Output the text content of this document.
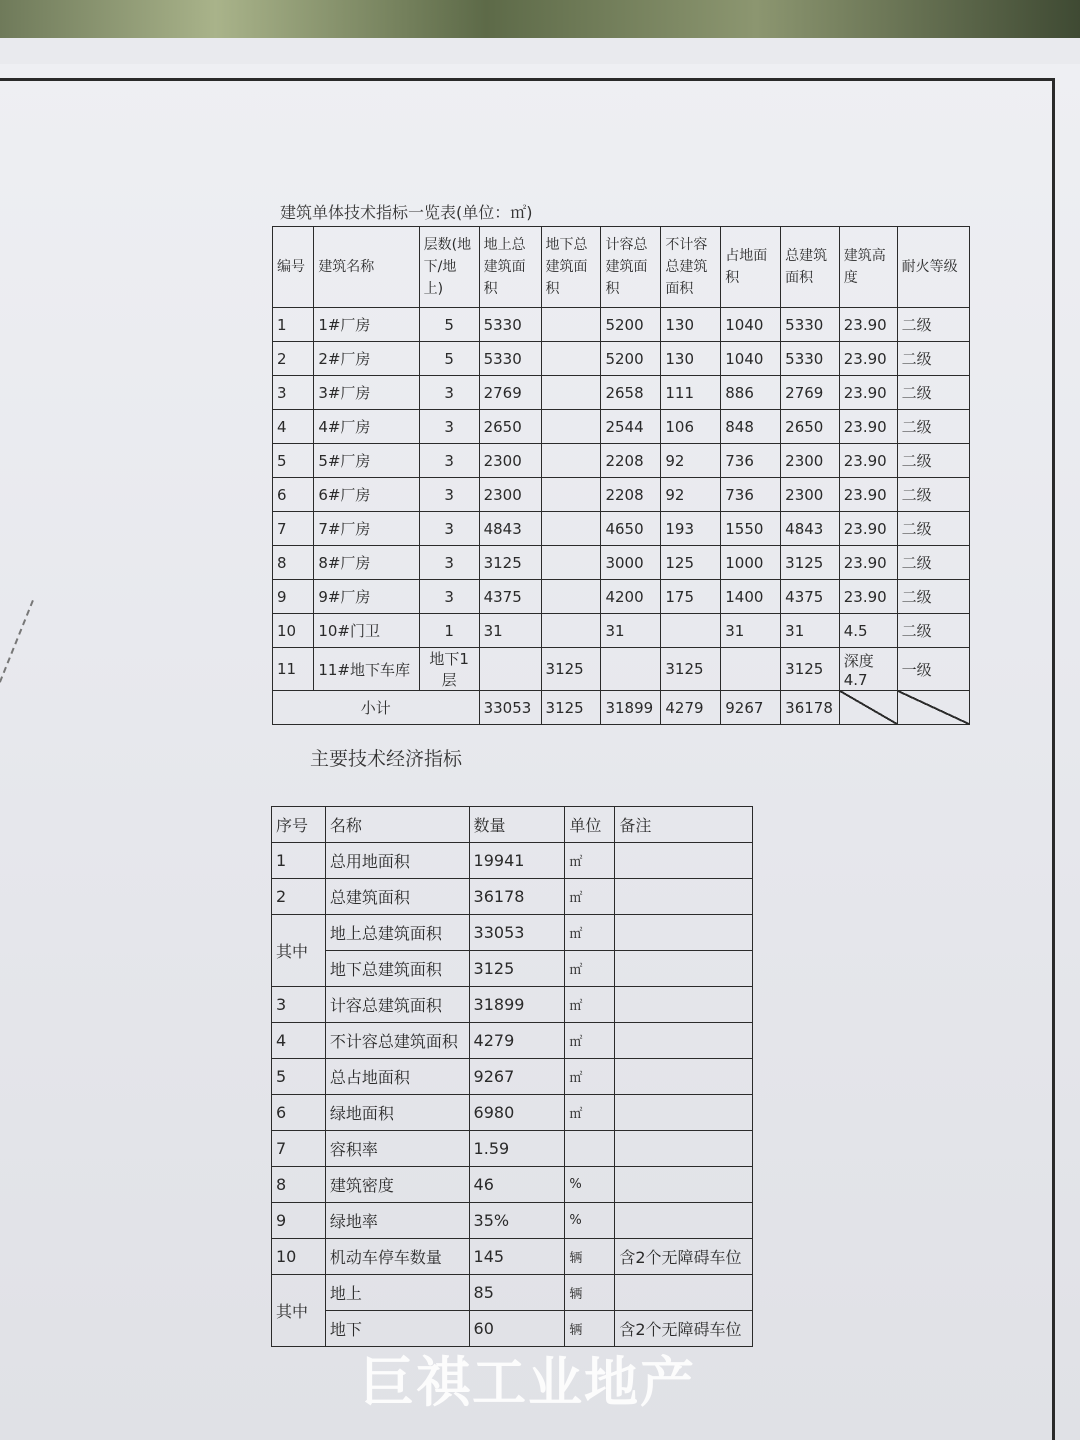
建筑单体技术指标一览表(单位：㎡)
编号	建筑名称	层数(地下/地上)	地上总建筑面积	地下总建筑面积	计容总建筑面积	不计容总建筑面积	占地面积	总建筑面积	建筑高度	耐火等级
1	1#厂房	5	5330		5200	130	1040	5330	23.90	二级
2	2#厂房	5	5330		5200	130	1040	5330	23.90	二级
3	3#厂房	3	2769		2658	111	886	2769	23.90	二级
4	4#厂房	3	2650		2544	106	848	2650	23.90	二级
5	5#厂房	3	2300		2208	92	736	2300	23.90	二级
6	6#厂房	3	2300		2208	92	736	2300	23.90	二级
7	7#厂房	3	4843		4650	193	1550	4843	23.90	二级
8	8#厂房	3	3125		3000	125	1000	3125	23.90	二级
9	9#厂房	3	4375		4200	175	1400	4375	23.90	二级
10	10#门卫	1	31		31		31	31	4.5	二级
11	11#地下车库	地下1层		3125		3125		3125	深度4.7	一级
小计			33053	3125	31899	4279	9267	36178		
主要技术经济指标
序号	名称	数量	单位	备注
1	总用地面积	19941	㎡	
2	总建筑面积	36178	㎡	
其中	地上总建筑面积	33053	㎡	
	地下总建筑面积	3125	㎡	
3	计容总建筑面积	31899	㎡	
4	不计容总建筑面积	4279	㎡	
5	总占地面积	9267	㎡	
6	绿地面积	6980	㎡	
7	容积率	1.59		
8	建筑密度	46	%	
9	绿地率	35%	%	
10	机动车停车数量	145	辆	含2个无障碍车位
其中	地上	85	辆	
	地下	60	辆	含2个无障碍车位
巨祺工业地产
